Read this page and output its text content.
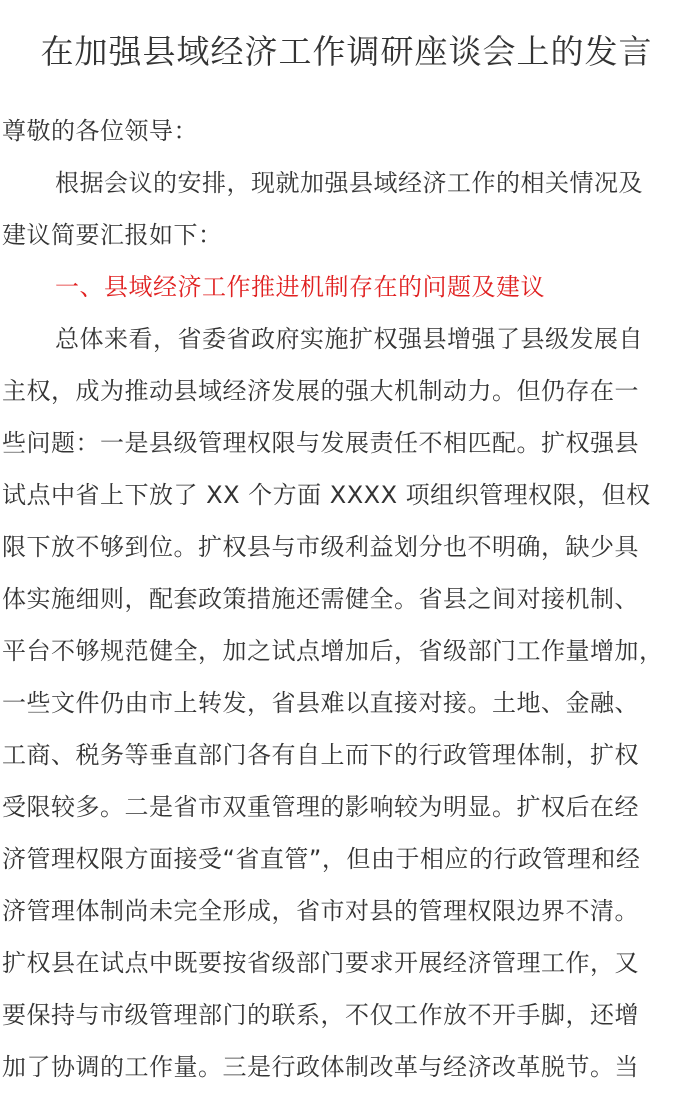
在加强县域经济工作调研座谈会上的发言
尊敬的各位领导：
根据会议的安排，现就加强县域经济工作的相关情况及
建议简要汇报如下：
一、县域经济工作推进机制存在的问题及建议
总体来看，省委省政府实施扩权强县增强了县级发展自
主权，成为推动县域经济发展的强大机制动力。但仍存在一
些问题：一是县级管理权限与发展责任不相匹配。扩权强县
试点中省上下放了 XX 个方面 XXXX 项组织管理权限，但权
限下放不够到位。扩权县与市级利益划分也不明确，缺少具
体实施细则，配套政策措施还需健全。省县之间对接机制、
平台不够规范健全，加之试点增加后，省级部门工作量增加，
一些文件仍由市上转发，省县难以直接对接。土地、金融、
工商、税务等垂直部门各有自上而下的行政管理体制，扩权
受限较多。二是省市双重管理的影响较为明显。扩权后在经
济管理权限方面接受“省直管”，但由于相应的行政管理和经
济管理体制尚未完全形成，省市对县的管理权限边界不清。
扩权县在试点中既要按省级部门要求开展经济管理工作，又
要保持与市级管理部门的联系，不仅工作放不开手脚，还增
加了协调的工作量。三是行政体制改革与经济改革脱节。当
